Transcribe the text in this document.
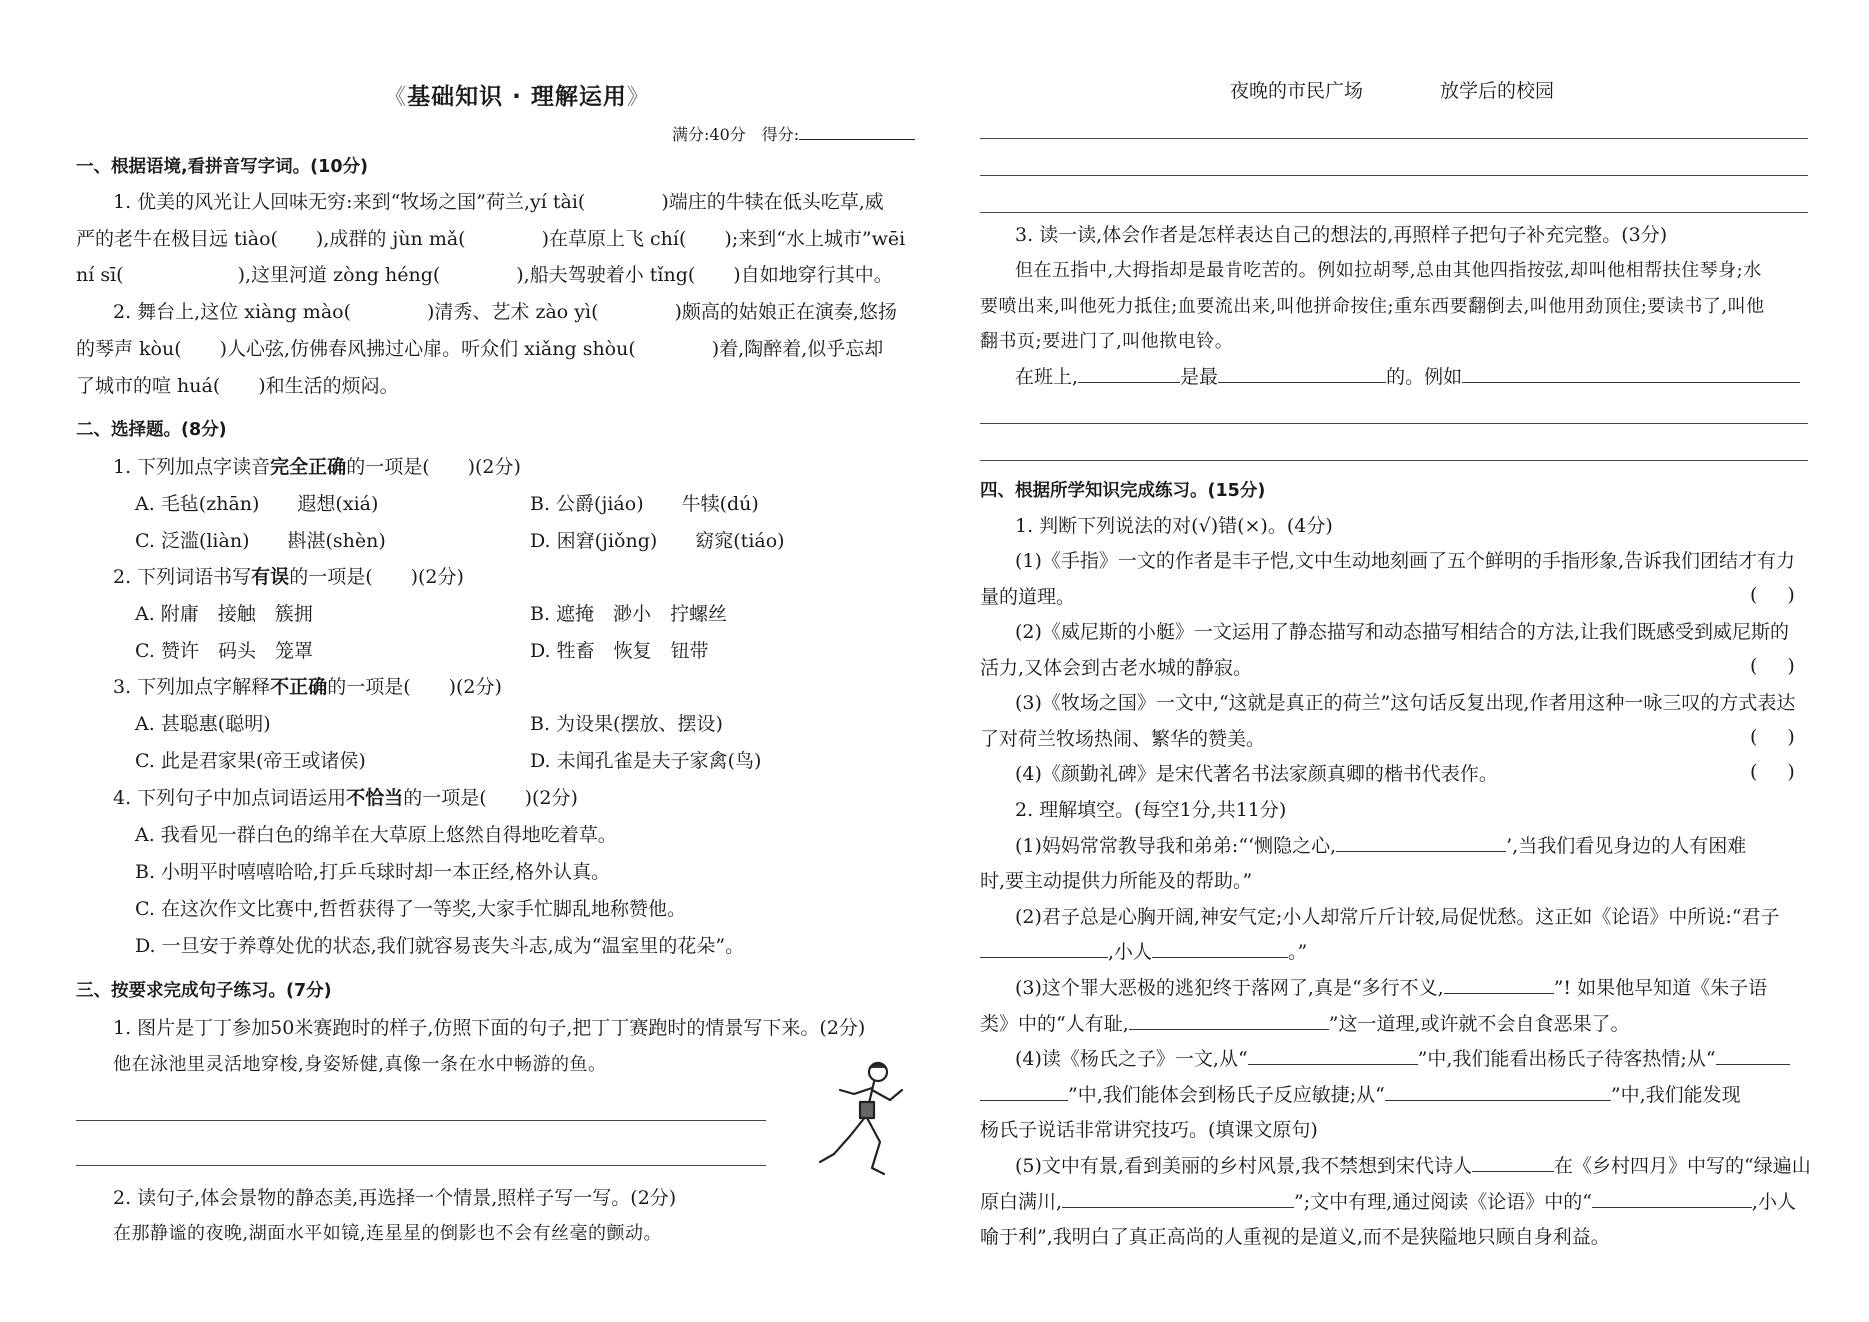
《基础知识 · 理解运用》
满分:40分　得分:
一、根据语境,看拼音写字词。(10分)
1. 优美的风光让人回味无穷:来到“牧场之国”荷兰,yí tài(　　　　)端庄的牛犊在低头吃草,威
严的老牛在极目远 tiào(　　),成群的 jùn mǎ(　　　　)在草原上飞 chí(　　);来到“水上城市”wēi
ní sī(　　　　　　),这里河道 zòng héng(　　　　),船夫驾驶着小 tǐng(　　)自如地穿行其中。
2. 舞台上,这位 xiàng mào(　　　　)清秀、艺术 zào yì(　　　　)颇高的姑娘正在演奏,悠扬
的琴声 kòu(　　)人心弦,仿佛春风拂过心扉。听众们 xiǎng shòu(　　　　)着,陶醉着,似乎忘却
了城市的喧 huá(　　)和生活的烦闷。
二、选择题。(8分)
1. 下列加点字读音完全正确的一项是(　　)(2分)
A. 毛毡(zhān)　　遐想(xiá)	B. 公爵(jiáo)　　牛犊(dú)
C. 泛滥(liàn)　　斟湛(shèn)	D. 困窘(jiǒng)　　窈窕(tiáo)
2. 下列词语书写有误的一项是(　　)(2分)
A. 附庸　接触　簇拥	B. 遮掩　渺小　拧螺丝
C. 赞许　码头　笼罩	D. 牲畜　恢复　钮带
3. 下列加点字解释不正确的一项是(　　)(2分)
A. 甚聪惠(聪明)	B. 为设果(摆放、摆设)
C. 此是君家果(帝王或诸侯)	D. 未闻孔雀是夫子家禽(鸟)
4. 下列句子中加点词语运用不恰当的一项是(　　)(2分)
A. 我看见一群白色的绵羊在大草原上悠然自得地吃着草。
B. 小明平时嘻嘻哈哈,打乒乓球时却一本正经,格外认真。
C. 在这次作文比赛中,哲哲获得了一等奖,大家手忙脚乱地称赞他。
D. 一旦安于养尊处优的状态,我们就容易丧失斗志,成为“温室里的花朵”。
三、按要求完成句子练习。(7分)
1. 图片是丁丁参加50米赛跑时的样子,仿照下面的句子,把丁丁赛跑时的情景写下来。(2分)
他在泳池里灵活地穿梭,身姿矫健,真像一条在水中畅游的鱼。
2. 读句子,体会景物的静态美,再选择一个情景,照样子写一写。(2分)
在那静谧的夜晚,湖面水平如镜,连星星的倒影也不会有丝毫的颤动。
夜晚的市民广场	放学后的校园
3. 读一读,体会作者是怎样表达自己的想法的,再照样子把句子补充完整。(3分)
但在五指中,大拇指却是最肯吃苦的。例如拉胡琴,总由其他四指按弦,却叫他相帮扶住琴身;水
要喷出来,叫他死力抵住;血要流出来,叫他拼命按住;重东西要翻倒去,叫他用劲顶住;要读书了,叫他
翻书页;要进门了,叫他揿电铃。
在班上,	是最	的。例如
四、根据所学知识完成练习。(15分)
1. 判断下列说法的对(√)错(×)。(4分)
(1)《手指》一文的作者是丰子恺,文中生动地刻画了五个鲜明的手指形象,告诉我们团结才有力
量的道理。	()
(2)《威尼斯的小艇》一文运用了静态描写和动态描写相结合的方法,让我们既感受到威尼斯的
活力,又体会到古老水城的静寂。	()
(3)《牧场之国》一文中,“这就是真正的荷兰”这句话反复出现,作者用这种一咏三叹的方式表达
了对荷兰牧场热闹、繁华的赞美。	()
(4)《颜勤礼碑》是宋代著名书法家颜真卿的楷书代表作。	()
2. 理解填空。(每空1分,共11分)
(1)妈妈常常教导我和弟弟:“‘恻隐之心,	’,当我们看见身边的人有困难
时,要主动提供力所能及的帮助。”
(2)君子总是心胸开阔,神安气定;小人却常斤斤计较,局促忧愁。这正如《论语》中所说:“君子
,小人	。”
(3)这个罪大恶极的逃犯终于落网了,真是“多行不义,	”! 如果他早知道《朱子语
类》中的“人有耻,	”这一道理,或许就不会自食恶果了。
(4)读《杨氏之子》一文,从“	”中,我们能看出杨氏子待客热情;从“
”中,我们能体会到杨氏子反应敏捷;从“	”中,我们能发现
杨氏子说话非常讲究技巧。(填课文原句)
(5)文中有景,看到美丽的乡村风景,我不禁想到宋代诗人	在《乡村四月》中写的“绿遍山
原白满川,	”;文中有理,通过阅读《论语》中的“	,小人
喻于利”,我明白了真正高尚的人重视的是道义,而不是狭隘地只顾自身利益。
